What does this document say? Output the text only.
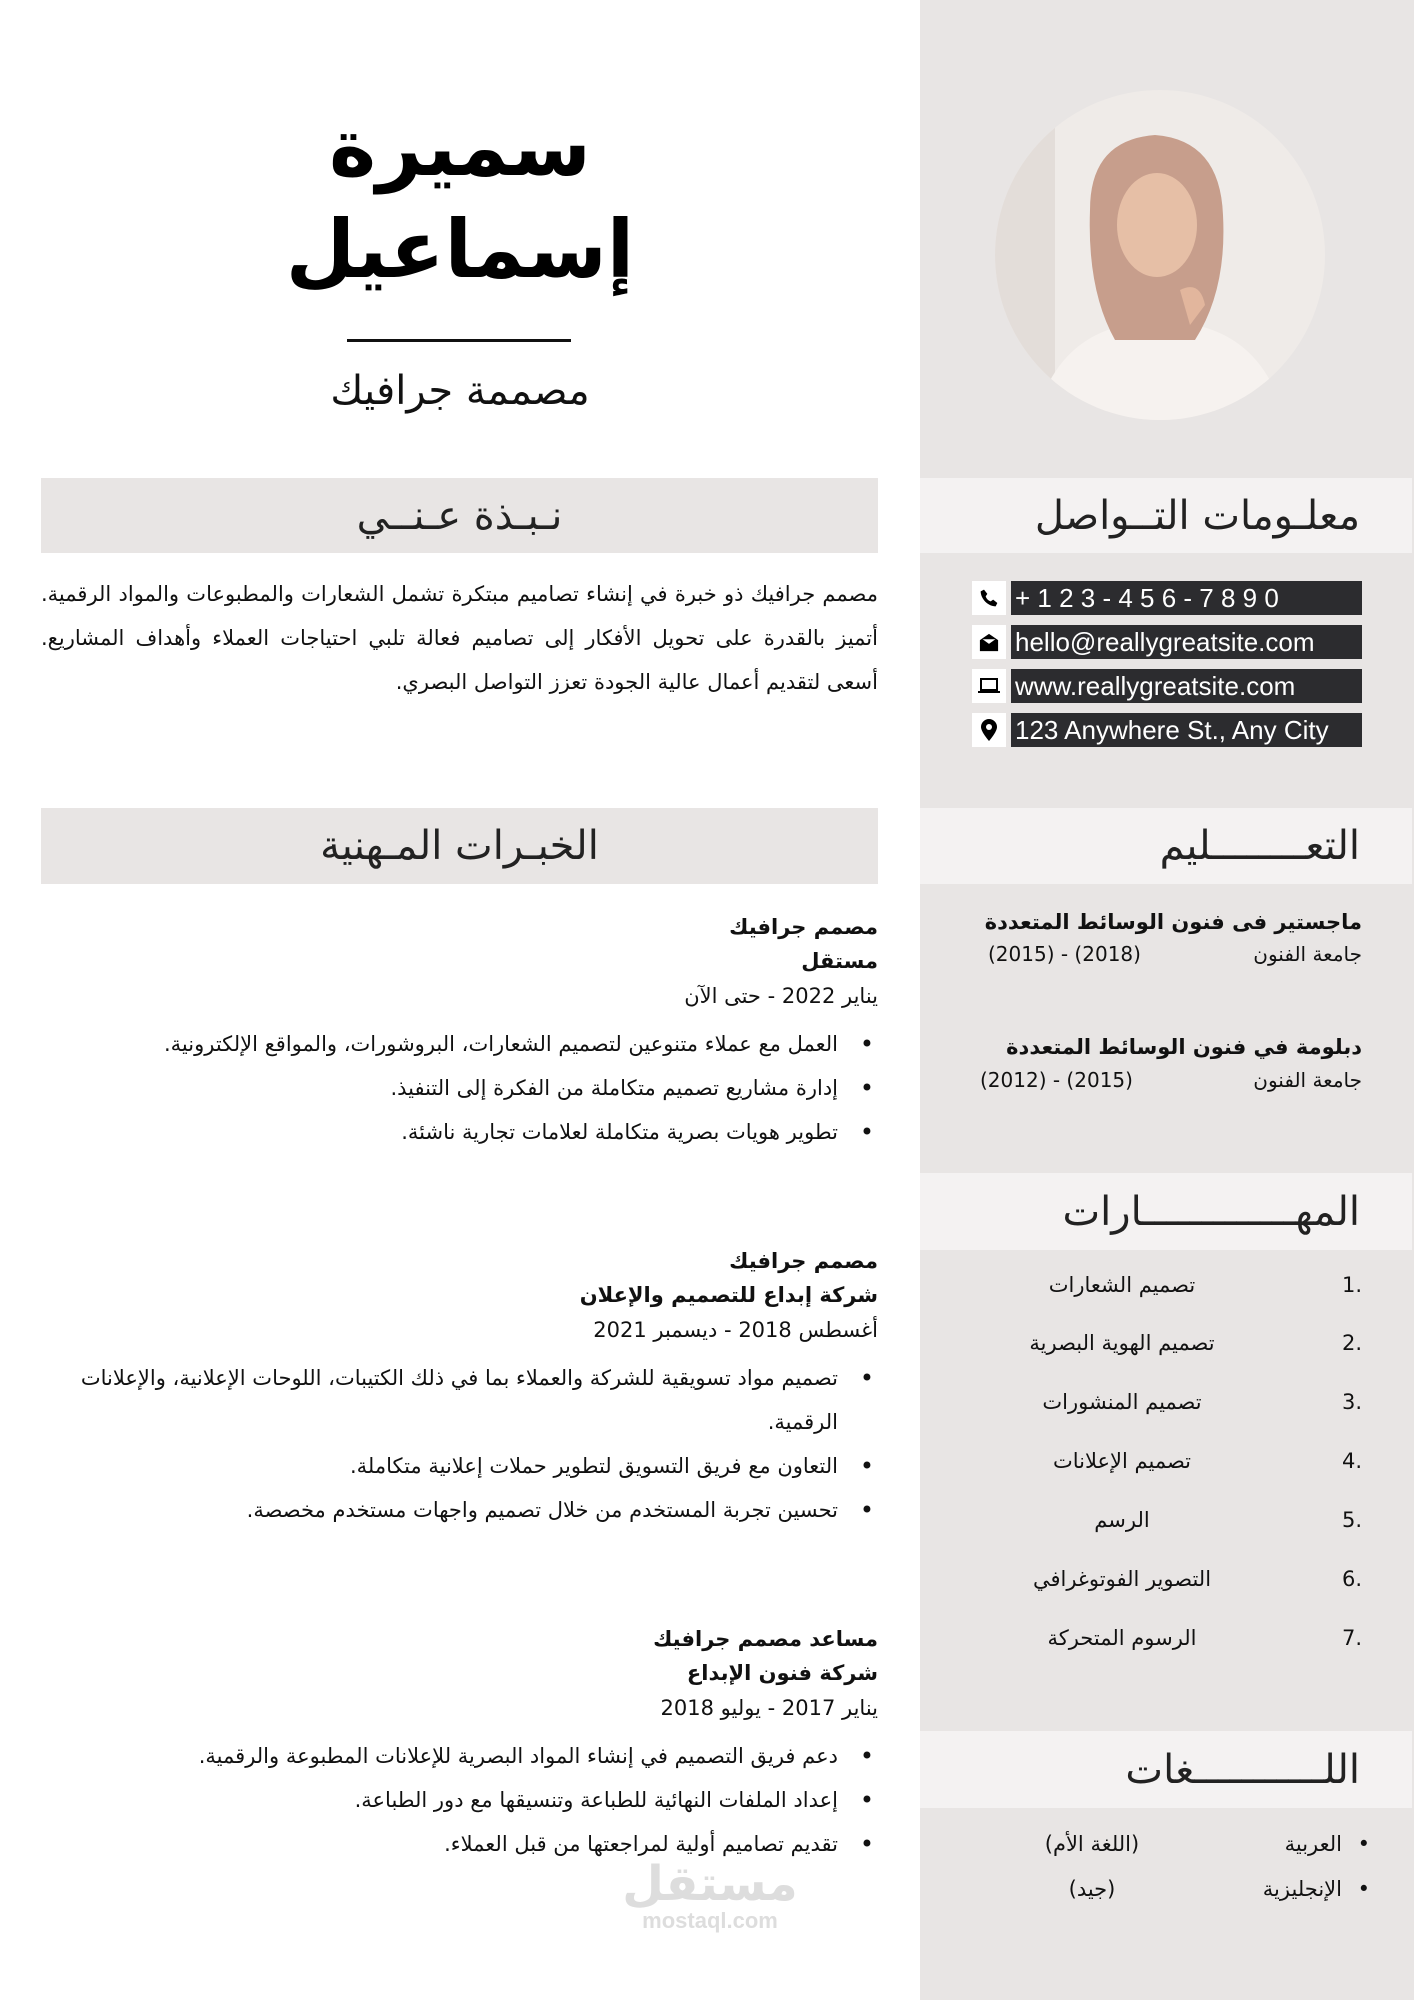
سميرة
إسماعيل
مصممة جرافيك
نـبـذة عـنــي
مصمم جرافيك ذو خبرة في إنشاء تصاميم مبتكرة تشمل الشعارات والمطبوعات والمواد الرقمية. أتميز بالقدرة على تحويل الأفكار إلى تصاميم فعالة تلبي احتياجات العملاء وأهداف المشاريع. أسعى لتقديم أعمال عالية الجودة تعزز التواصل البصري.
الخبـرات المـهنية
معلـومات التــواصل
+ 1 2 3 - 4 5 6 - 7 8 9 0
hello@reallygreatsite.com
www.reallygreatsite.com
123 Anywhere St., Any City
التعــــــــليم
ماجستير فى فنون الوسائط المتعددة
جامعة الفنون
(2015) - (2018)
دبلومة في فنون الوسائط المتعددة
جامعة الفنون
(2012) - (2015)
المهـــــــــــــارات
1.
تصميم الشعارات
2.
تصميم الهوية البصرية
3.
تصميم المنشورات
4.
تصميم الإعلانات
5.
الرسم
6.
التصوير الفوتوغرافي
7.
الرسوم المتحركة
اللـــــــــــغات
•
العربية
(اللغة الأم)
•
الإنجليزية
(جيد)
مصمم جرافيك
مستقل
يناير 2022 - حتى الآن
• العمل مع عملاء متنوعين لتصميم الشعارات، البروشورات، والمواقع الإلكترونية.
• إدارة مشاريع تصميم متكاملة من الفكرة إلى التنفيذ.
• تطوير هويات بصرية متكاملة لعلامات تجارية ناشئة.
مصمم جرافيك
شركة إبداع للتصميم والإعلان
أغسطس 2018 - ديسمبر 2021
• تصميم مواد تسويقية للشركة والعملاء بما في ذلك الكتيبات، اللوحات الإعلانية، والإعلانات الرقمية.
• التعاون مع فريق التسويق لتطوير حملات إعلانية متكاملة.
• تحسين تجربة المستخدم من خلال تصميم واجهات مستخدم مخصصة.
مساعد مصمم جرافيك
شركة فنون الإبداع
يناير 2017 - يوليو 2018
• دعم فريق التصميم في إنشاء المواد البصرية للإعلانات المطبوعة والرقمية.
• إعداد الملفات النهائية للطباعة وتنسيقها مع دور الطباعة.
• تقديم تصاميم أولية لمراجعتها من قبل العملاء.
مستقل
mostaql.com
